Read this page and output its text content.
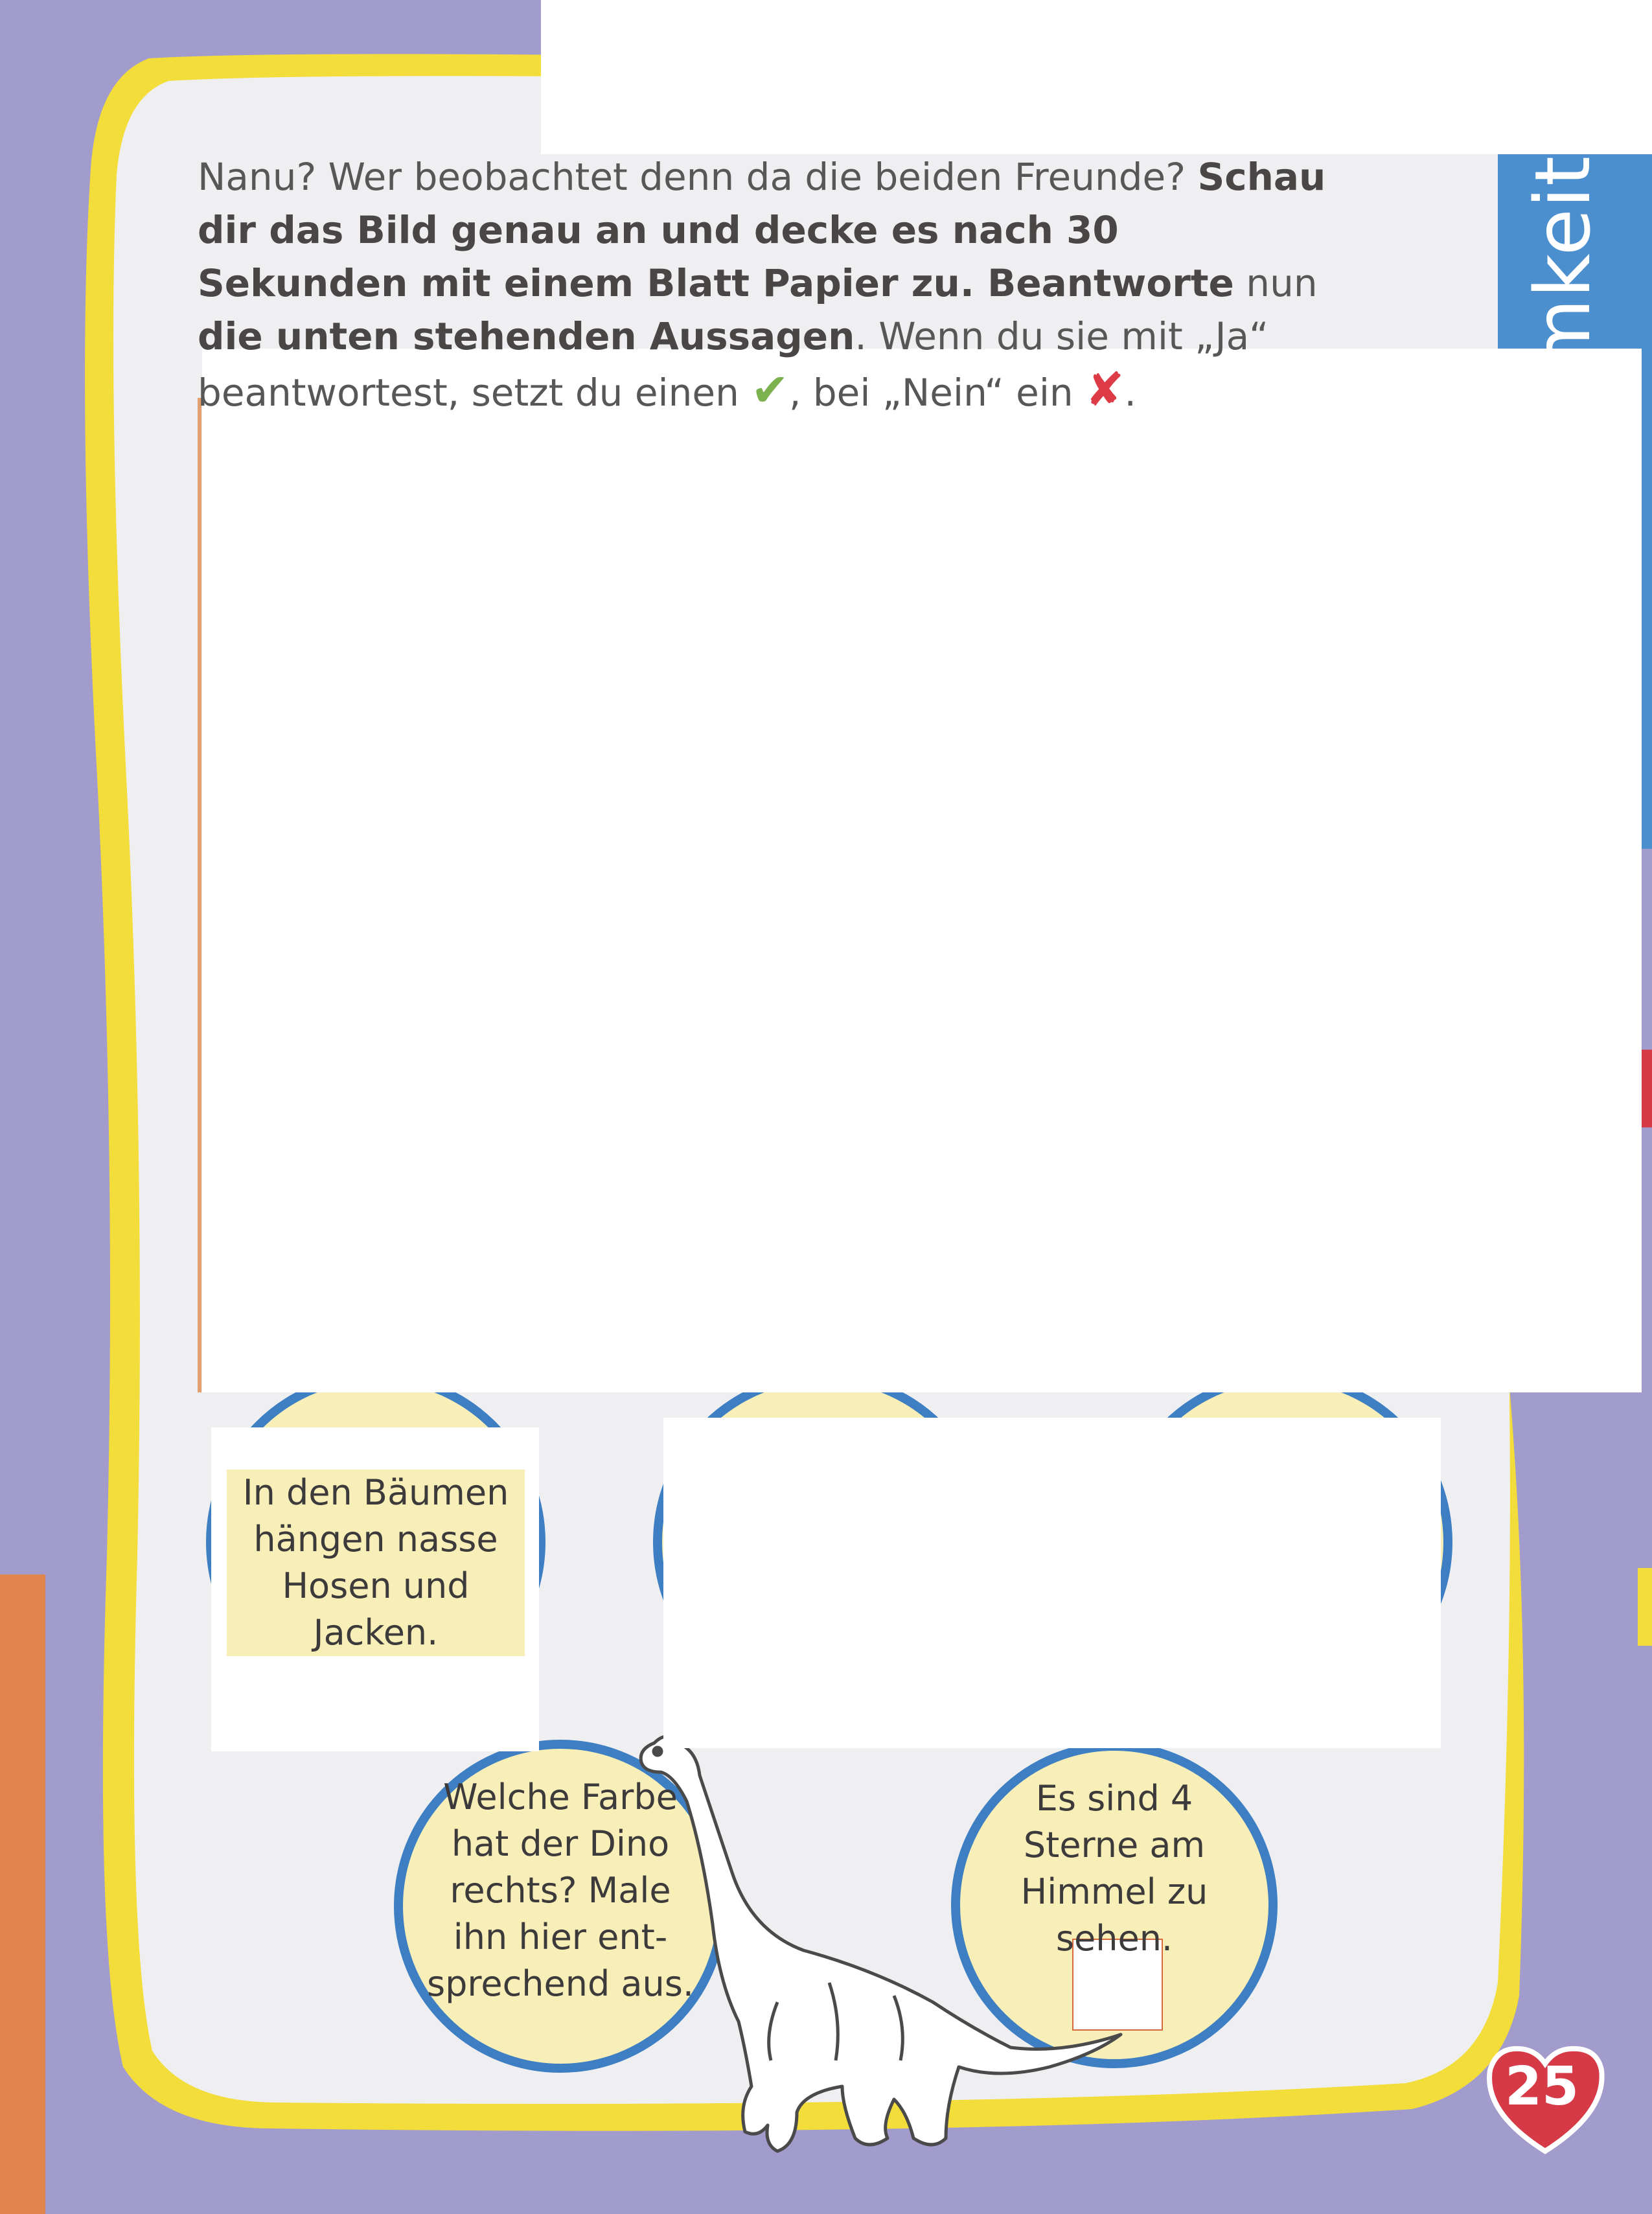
Nanu? Wer beobachtet denn da die beiden Freunde? Schau dir das Bild genau an und decke es nach 30 Sekunden mit einem Blatt Papier zu. Beantworte nun die unten stehenden Aussagen. Wenn du sie mit „Ja“ beantwortest, setzt du einen ✔, bei „Nein“ ein ✘.	Aufmerksamkeit
In den Bäumen hängen nasse Hosen und Jacken.
Welche Farbe hat der Dino rechts? Male ihn hier ent-sprechend aus.
Es sind 4 Sterne am Himmel zu sehen.
25
